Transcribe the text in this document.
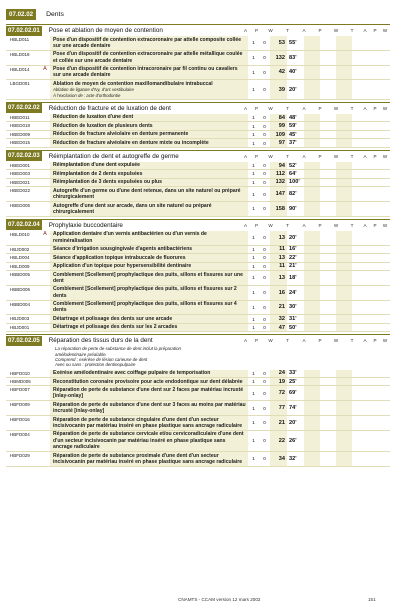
07.02.02	Dents
07.02.02.01	Pose et ablation de moyen de contention	A	P	W	T	A	P	W	T	A	P	W
HBLD011	Pose d'un dispositif de contention extracoronaire par attelle composite collée sur une arcade dentaire	1	0	53 55'
HBLD018	Pose d'un dispositif de contention extracoronaire par attelle métallique coulée et collée sur une arcade dentaire	1	0	132 83'
HBLD014	A	Pose d'un dispositif de contention intracoronaire par fil continu ou cavaliers sur une arcade dentaire	1	0	42 40'
LBGD001	Ablation de moyen de contention maxillomandibulaire intrabuccal
Ablation de ligature d'Ivy, d'arc vestibulaire
À l'exclusion de : acte d'orthodontie
1	0	39 20'
07.02.02.02	Réduction de fracture et de luxation de dent	A	P	W	T	A	P	W	T	A	P	W
HBED011	Réduction de luxation d'une dent	1	0	84 48'
HBED018	Réduction de luxation de plusieurs dents	1	0	99 59'
HBED009	Réduction de fracture alvéolaire en denture permanente	1	0	109 45'
HBED015	Réduction de fracture alvéolaire en denture mixte ou incomplète	1	0	97 37'
07.02.02.03	Réimplantation de dent et autogreffe de germe	A	P	W	T	A	P	W	T	A	P	W
HBED001	Réimplantation d'une dent expulsée	1	0	94 52'
HBED003	Réimplantation de 2 dents expulsées	1	0	112 64'
HBED021	Réimplantation de 3 dents expulsées ou plus	1	0	132 100'
HBED022	Autogreffe d'un germe ou d'une dent retenue, dans un site naturel ou préparé chirurgicalement	1	0	147 82'
HBED005	Autogreffe d'une dent sur arcade, dans un site naturel ou préparé chirurgicalement	1	0	158 90'
07.02.02.04	Prophylaxie buccodentaire	A	P	W	T	A	P	W	T	A	P	W
HBLD010	A	Application dentaire d'un vernis antibactérien ou d'un vernis de reminéralisation	1	0	13 20'
HBJD002	Séance d'irrigation sousgingivale d'agents antibactériens	1	0	11 16'
HBLD004	Séance d'application topique intrabuccale de fluorures	1	0	13 22'
HBLD009	Application d'un topique pour hypersensibilité dentinaire	1	0	11 21'
HBBD005	Comblement [Scellement] prophylactique des puits, sillons et fissures sur une dent	1	0	13 18'
HBBD006	Comblement [Scellement] prophylactique des puits, sillons et fissures sur 2 dents	1	0	16 24'
HBBD004	Comblement [Scellement] prophylactique des puits, sillons et fissures sur 4 dents	1	0	21 30'
HBJD003	Détartrage et polissage des dents sur une arcade	1	0	32 31'
HBJD001	Détartrage et polissage des dents sur les 2 arcades	1	0	47 50'
07.02.02.05	Réparation des tissus durs de la dent	A	P	W	T	A	P	W	T	A	P	W
La réparation de perte de substance de dent inclut la préparation
amélodentinaire préalable.
Comprend : exérèse de lésion carieuse de dent
Avec ou sans : protection dentinopulpaire
HBFD010	Exérèse amélodentinaire avec coiffage pulpaire de temporisation	1	0	24 33'
HBMD005	Reconstitution coronaire provisoire pour acte endodontique sur dent délabrée	1	0	19 25'
HBFD007	Réparation de perte de substance d'une dent sur 2 faces par matériau incrusté [inlay-onlay]	1	0	72 69'
HBFD009	Réparation de perte de substance d'une dent sur 3 faces au moins par matériau incrusté [inlay-onlay]	1	0	77 74'
HBFD016	Réparation de perte de substance cingulaire d'une dent d'un secteur incisivocanin par matériau inséré en phase plastique sans ancrage radiculaire	1	0	21 20'
HBFD004	Réparation de perte de substance cervicale et/ou cervicoradiculaire d'une dent d'un secteur incisivocanin par matériau inséré en phase plastique sans ancrage radiculaire
1	0	22 26'
HBFD029	Réparation de perte de substance proximale d'une dent d'un secteur incisivocanin par matériau inséré en phase plastique sans ancrage radiculaire	1	0	34 32'
CNAMTS - CCAM version 12 mars 2002	151
